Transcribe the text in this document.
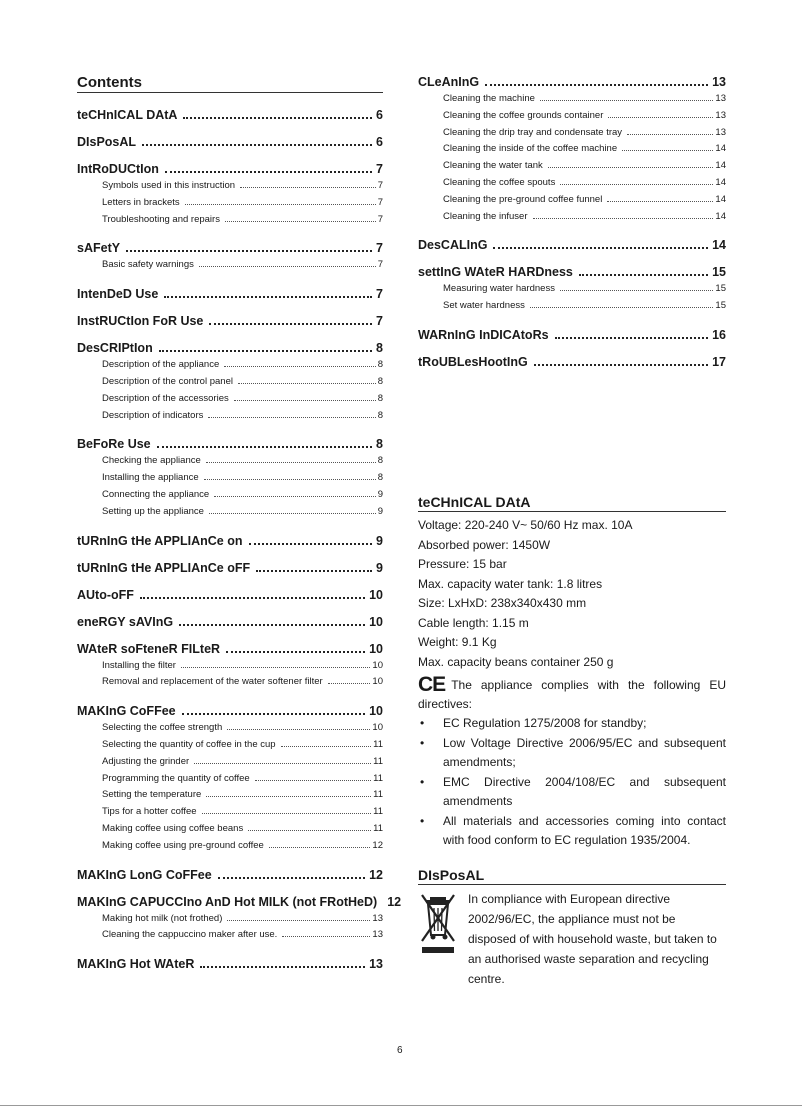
Contents
teCHnICAL DAtA	6
DIsPosAL	6
IntRoDUCtIon	7
Symbols used in this instruction	7
Letters in brackets	7
Troubleshooting and repairs	7
sAFetY	7
Basic safety warnings	7
IntenDeD Use	7
InstRUCtIon FoR Use	7
DesCRIPtIon	8
Description of the appliance	8
Description of the control panel	8
Description of the accessories	8
Description of indicators	8
BeFoRe Use	8
Checking the appliance	8
Installing the appliance	8
Connecting the appliance	9
Setting up the appliance	9
tURnInG tHe APPLIAnCe on	9
tURnInG tHe APPLIAnCe oFF	9
AUto-oFF	10
eneRGY sAVInG	10
WAteR soFteneR FILteR	10
Installing the filter	10
Removal and replacement of the water softener filter	10
MAKInG CoFFee	10
Selecting the coffee strength	10
Selecting the quantity of coffee in the cup	11
Adjusting the grinder	11
Programming the quantity of coffee	11
Setting the temperature	11
Tips for a hotter coffee	11
Making coffee using coffee beans	11
Making coffee using pre-ground coffee	12
MAKInG LonG CoFFee	12
MAKInG CAPUCCIno AnD Hot MILK (not FRotHeD) 12
Making hot milk (not frothed)	13
Cleaning the cappuccino maker after use.	13
MAKInG Hot WAteR	13
CLeAnInG	13
Cleaning the machine	13
Cleaning the coffee grounds container	13
Cleaning the drip tray and condensate tray	13
Cleaning the inside of the coffee machine	14
Cleaning the water tank	14
Cleaning the coffee spouts	14
Cleaning the pre-ground coffee funnel	14
Cleaning the infuser	14
DesCALInG	14
settInG WAteR HARDness	15
Measuring water hardness	15
Set water hardness	15
WARnInG InDICAtoRs	16
tRoUBLesHootInG	17
teCHnICAL DAtA
Voltage: 220-240 V~ 50/60 Hz max. 10A
Absorbed power: 1450W
Pressure: 15 bar
Max. capacity water tank: 1.8 litres
Size: LxHxD: 238x340x430 mm
Cable length: 1.15 m
Weight: 9.1 Kg
Max. capacity beans container 250 g
CE The appliance complies with the following EU directives:
• EC Regulation 1275/2008 for standby;
• Low Voltage Directive 2006/95/EC and subsequent amendments;
• EMC Directive 2004/108/EC and subsequent amendments
• All materials and accessories coming into contact with food conform to EC regulation 1935/2004.
DIsPosAL
In compliance with European directive 2002/96/EC, the appliance must not be disposed of with household waste, but taken to an authorised waste separation and recycling centre.
6
